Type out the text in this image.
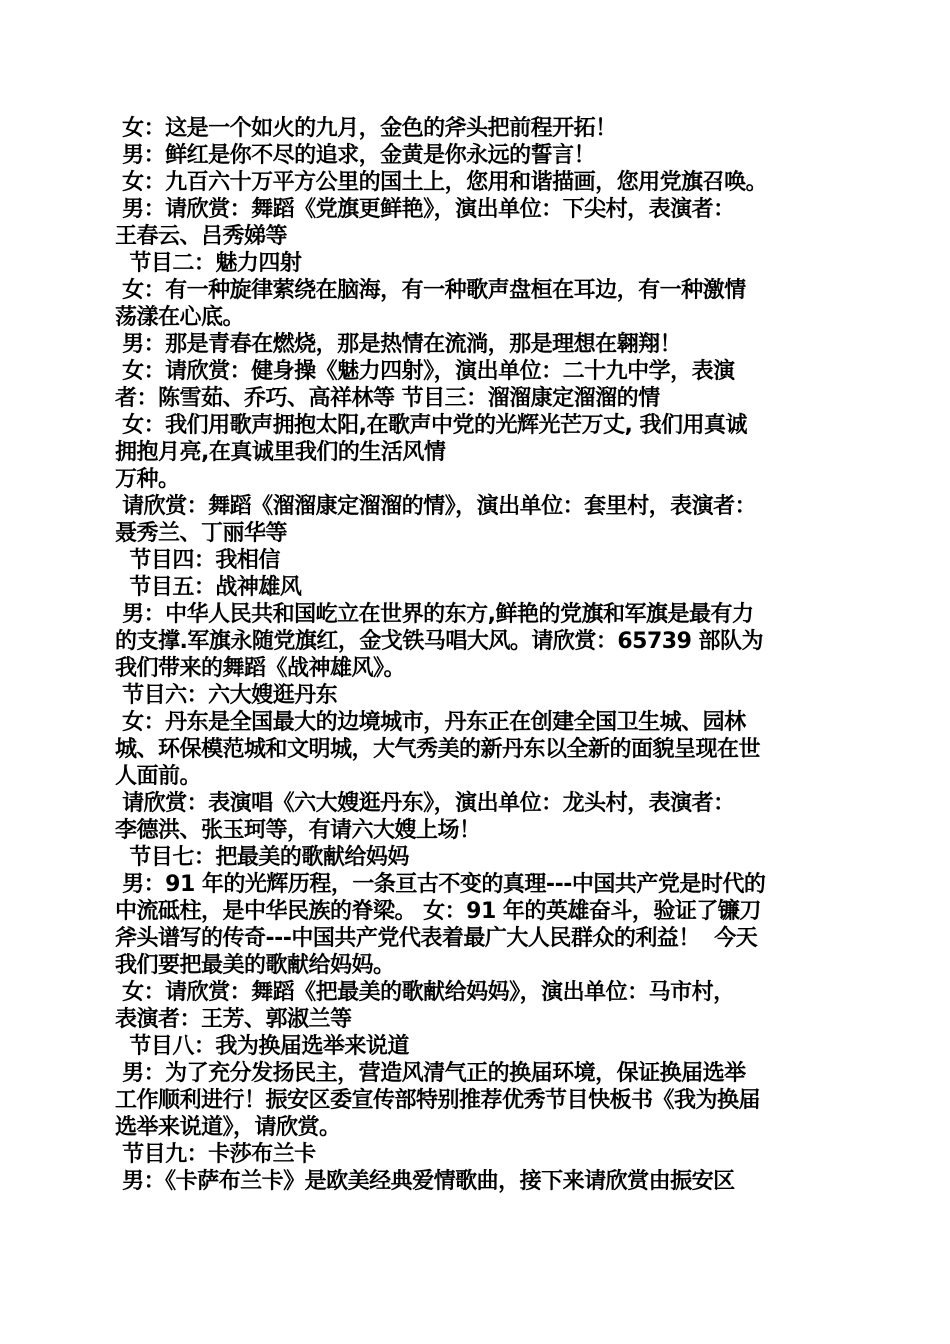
女：这是一个如火的九月，金色的斧头把前程开拓！
男：鲜红是你不尽的追求，金黄是你永远的誓言！
女：九百六十万平方公里的国土上，您用和谐描画，您用党旗召唤。
男：请欣赏：舞蹈《党旗更鲜艳》，演出单位：下尖村，表演者：
王春云、吕秀娣等
节目二：魅力四射
女：有一种旋律萦绕在脑海，有一种歌声盘桓在耳边，有一种激情
荡漾在心底。
男：那是青春在燃烧，那是热情在流淌，那是理想在翱翔！
女：请欣赏：健身操《魅力四射》，演出单位：二十九中学，表演
者：陈雪茹、乔巧、高祥林等 节目三：溜溜康定溜溜的情
女：我们用歌声拥抱太阳,在歌声中党的光辉光芒万丈, 我们用真诚
拥抱月亮,在真诚里我们的生活风情
万种。
请欣赏：舞蹈《溜溜康定溜溜的情》，演出单位：套里村，表演者：
聂秀兰、丁丽华等
节目四：我相信
节目五：战神雄风
男：中华人民共和国屹立在世界的东方,鲜艳的党旗和军旗是最有力
的支撑.军旗永随党旗红，金戈铁马唱大风。请欣赏：65739 部队为
我们带来的舞蹈《战神雄风》。
节目六：六大嫂逛丹东
女：丹东是全国最大的边境城市，丹东正在创建全国卫生城、园林
城、环保模范城和文明城，大气秀美的新丹东以全新的面貌呈现在世
人面前。
请欣赏：表演唱《六大嫂逛丹东》，演出单位：龙头村，表演者：
李德洪、张玉珂等，有请六大嫂上场！
节目七：把最美的歌献给妈妈
男：91 年的光辉历程，一条亘古不变的真理---中国共产党是时代的
中流砥柱，是中华民族的脊梁。 女：91 年的英雄奋斗，验证了镰刀
斧头谱写的传奇---中国共产党代表着最广大人民群众的利益！  今天
我们要把最美的歌献给妈妈。
女：请欣赏：舞蹈《把最美的歌献给妈妈》，演出单位：马市村，
表演者：王芳、郭淑兰等
节目八：我为换届选举来说道
男：为了充分发扬民主，营造风清气正的换届环境，保证换届选举
工作顺利进行！振安区委宣传部特别推荐优秀节目快板书《我为换届
选举来说道》，请欣赏。
节目九：卡莎布兰卡
男：《卡萨布兰卡》是欧美经典爱情歌曲，接下来请欣赏由振安区
